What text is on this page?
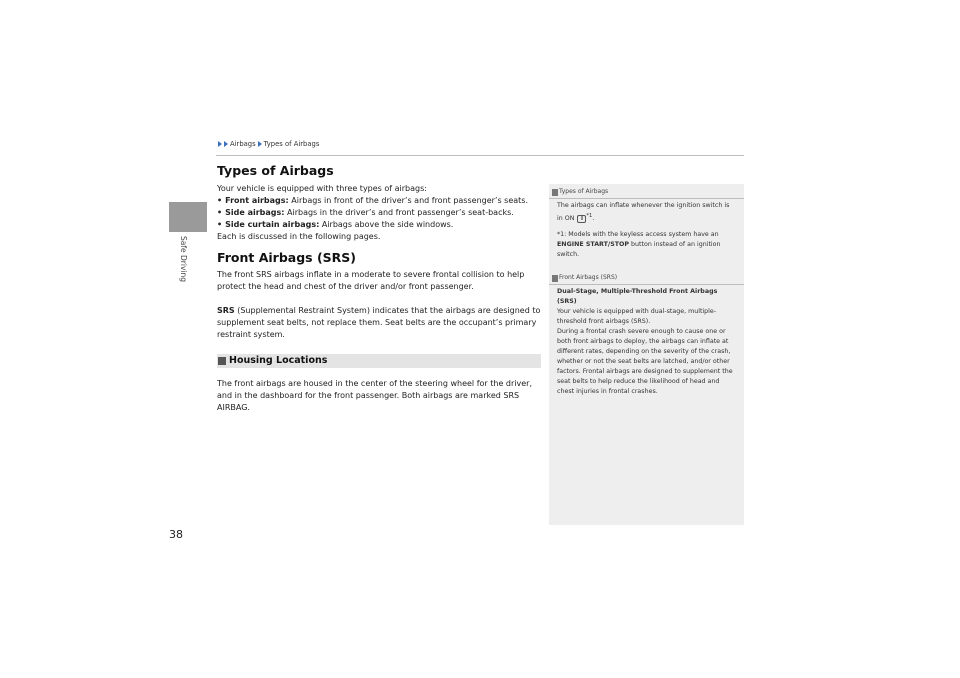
Safe Driving
38
Airbags Types of Airbags
Types of Airbags

Your vehicle is equipped with three types of airbags:

• Front airbags: Airbags in front of the driver’s and front passenger’s seats.
• Side airbags: Airbags in the driver’s and front passenger’s seat-backs.
• Side curtain airbags: Airbags above the side windows.

Each is discussed in the following pages.

Front Airbags (SRS)

The front SRS airbags inflate in a moderate to severe frontal collision to help protect the head and chest of the driver and/or front passenger.

SRS (Supplemental Restraint System) indicates that the airbags are designed to supplement seat belts, not replace them. Seat belts are the occupant’s primary restraint system.

Housing Locations

The front airbags are housed in the center of the steering wheel for the driver, and in the dashboard for the front passenger. Both airbags are marked SRS AIRBAG.

Types of Airbags

The airbags can inflate whenever the ignition switch is in ON II$^{*1}$.

*1: Models with the keyless access system have an ENGINE START/STOP button instead of an ignition switch.

Front Airbags (SRS)

Dual-Stage, Multiple-Threshold Front Airbags (SRS)

Your vehicle is equipped with dual-stage, multiple-threshold front airbags (SRS).

During a frontal crash severe enough to cause one or both front airbags to deploy, the airbags can inflate at different rates, depending on the severity of the crash, whether or not the seat belts are latched, and/or other factors. Frontal airbags are designed to supplement the seat belts to help reduce the likelihood of head and chest injuries in frontal crashes.
